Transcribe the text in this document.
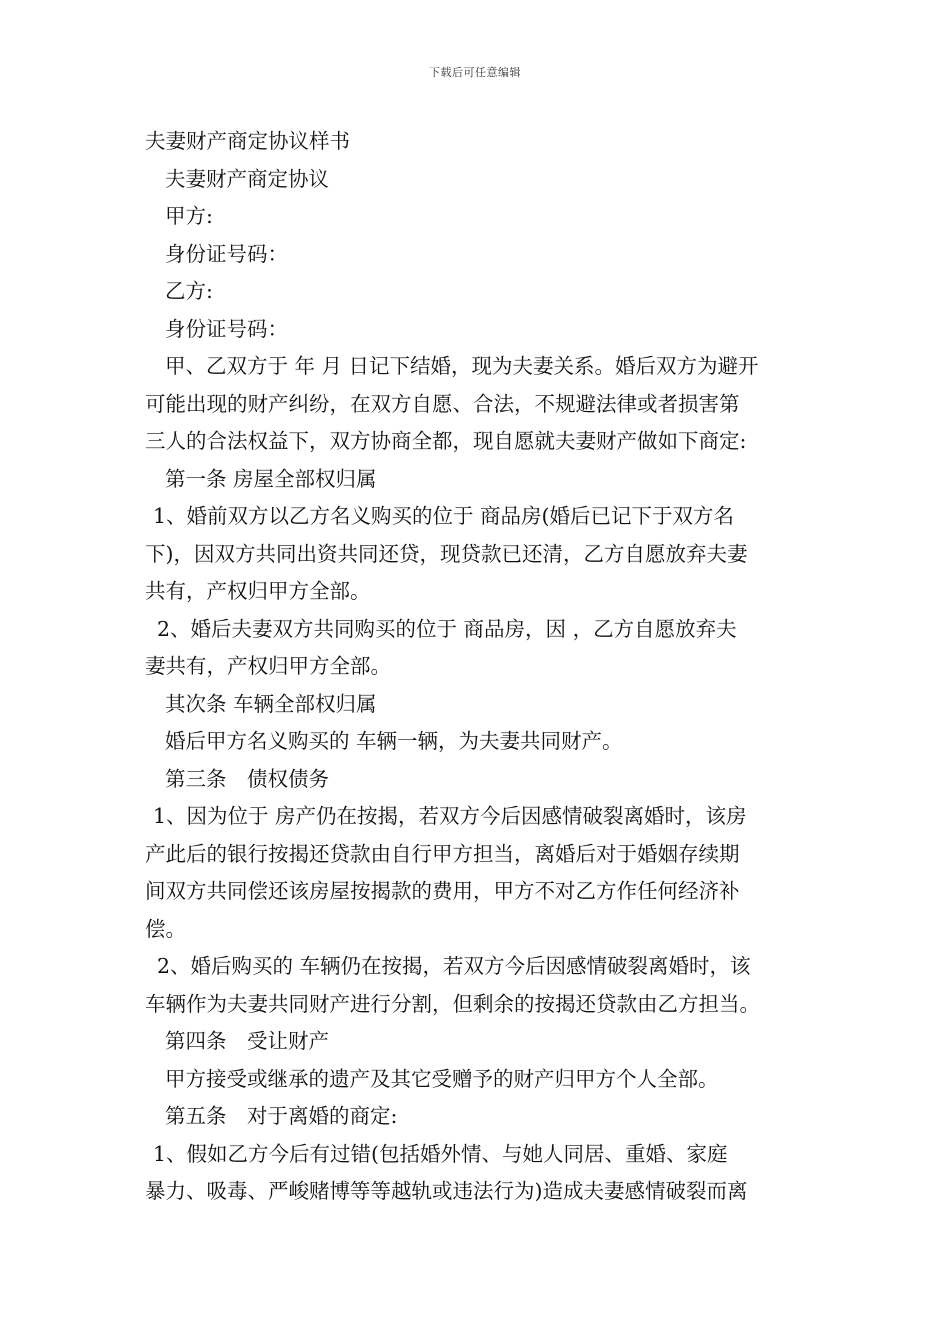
下载后可任意编辑
夫妻财产商定协议样书

夫妻财产商定协议

甲方:

身份证号码：

乙方:

身份证号码：

甲、乙双方于 年 月 日记下结婚，现为夫妻关系。婚后双方为避开

可能出现的财产纠纷，在双方自愿、合法，不规避法律或者损害第

三人的合法权益下，双方协商全都，现自愿就夫妻财产做如下商定:

第一条 房屋全部权归属

1、婚前双方以乙方名义购买的位于 商品房(婚后已记下于双方名

下)，因双方共同出资共同还贷，现贷款已还清，乙方自愿放弃夫妻

共有，产权归甲方全部。

2、婚后夫妻双方共同购买的位于 商品房，因 ，乙方自愿放弃夫

妻共有，产权归甲方全部。

其次条 车辆全部权归属

婚后甲方名义购买的 车辆一辆，为夫妻共同财产。

第三条　债权债务

1、因为位于 房产仍在按揭，若双方今后因感情破裂离婚时，该房

产此后的银行按揭还贷款由自行甲方担当，离婚后对于婚姻存续期

间双方共同偿还该房屋按揭款的费用，甲方不对乙方作任何经济补

偿。

2、婚后购买的 车辆仍在按揭，若双方今后因感情破裂离婚时，该

车辆作为夫妻共同财产进行分割，但剩余的按揭还贷款由乙方担当。

第四条　受让财产

甲方接受或继承的遗产及其它受赠予的财产归甲方个人全部。

第五条　对于离婚的商定:

1、假如乙方今后有过错(包括婚外情、与她人同居、重婚、家庭

暴力、吸毒、严峻赌博等等越轨或违法行为)造成夫妻感情破裂而离
